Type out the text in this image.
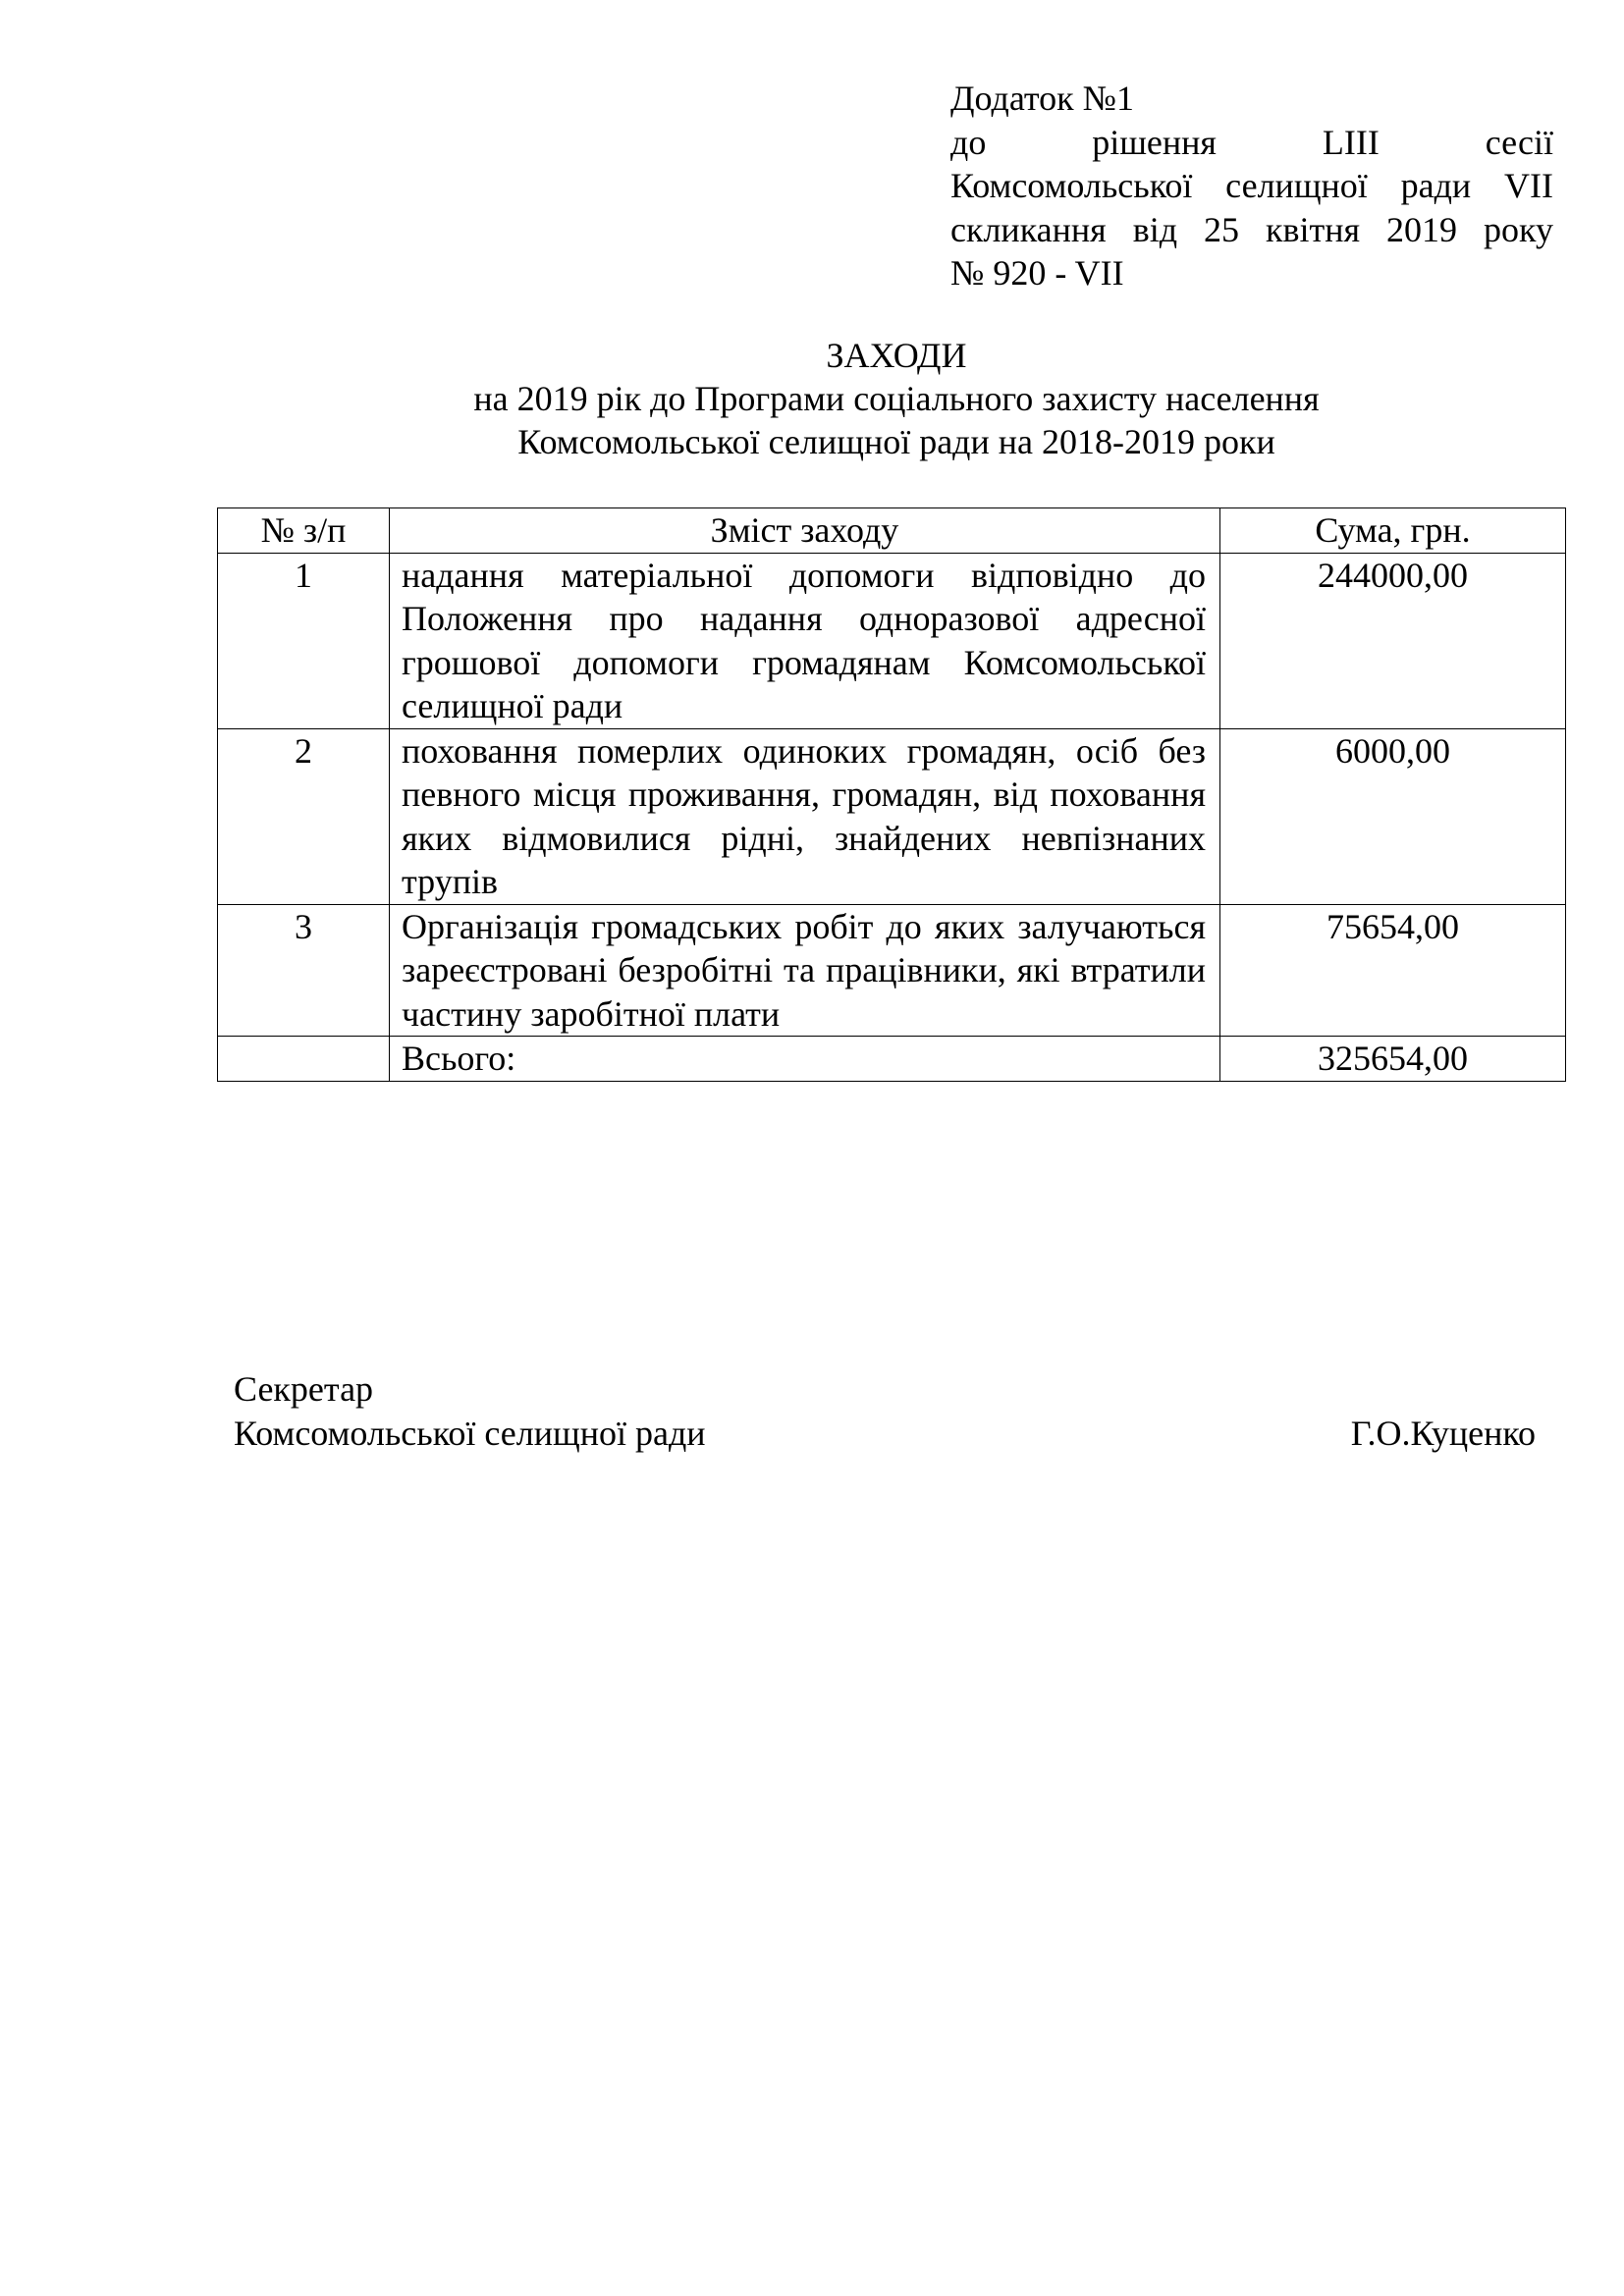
Додаток №1
до рішення LIII сесії
Комсомольської селищної ради VII
скликання від 25 квітня 2019 року
№ 920 - VII
ЗАХОДИ
на 2019 рік до Програми соціального захисту населення
Комсомольської селищної ради на 2018-2019 роки
№ з/п	Зміст заходу	Сума, грн.
1	надання матеріальної допомоги відповідно до Положення про надання одноразової адресної грошової допомоги громадянам Комсомольської селищної ради	244000,00
2	поховання померлих одиноких громадян, осіб без певного місця проживання, громадян, від поховання яких відмовилися рідні, знайдених невпізнаних трупів	6000,00
3	Організація громадських робіт до яких залучаються зареєстровані безробітні та працівники, які втратили частину заробітної плати	75654,00
	Всього:	325654,00
Секретар
Комсомольської селищної ради	Г.О.Куценко
